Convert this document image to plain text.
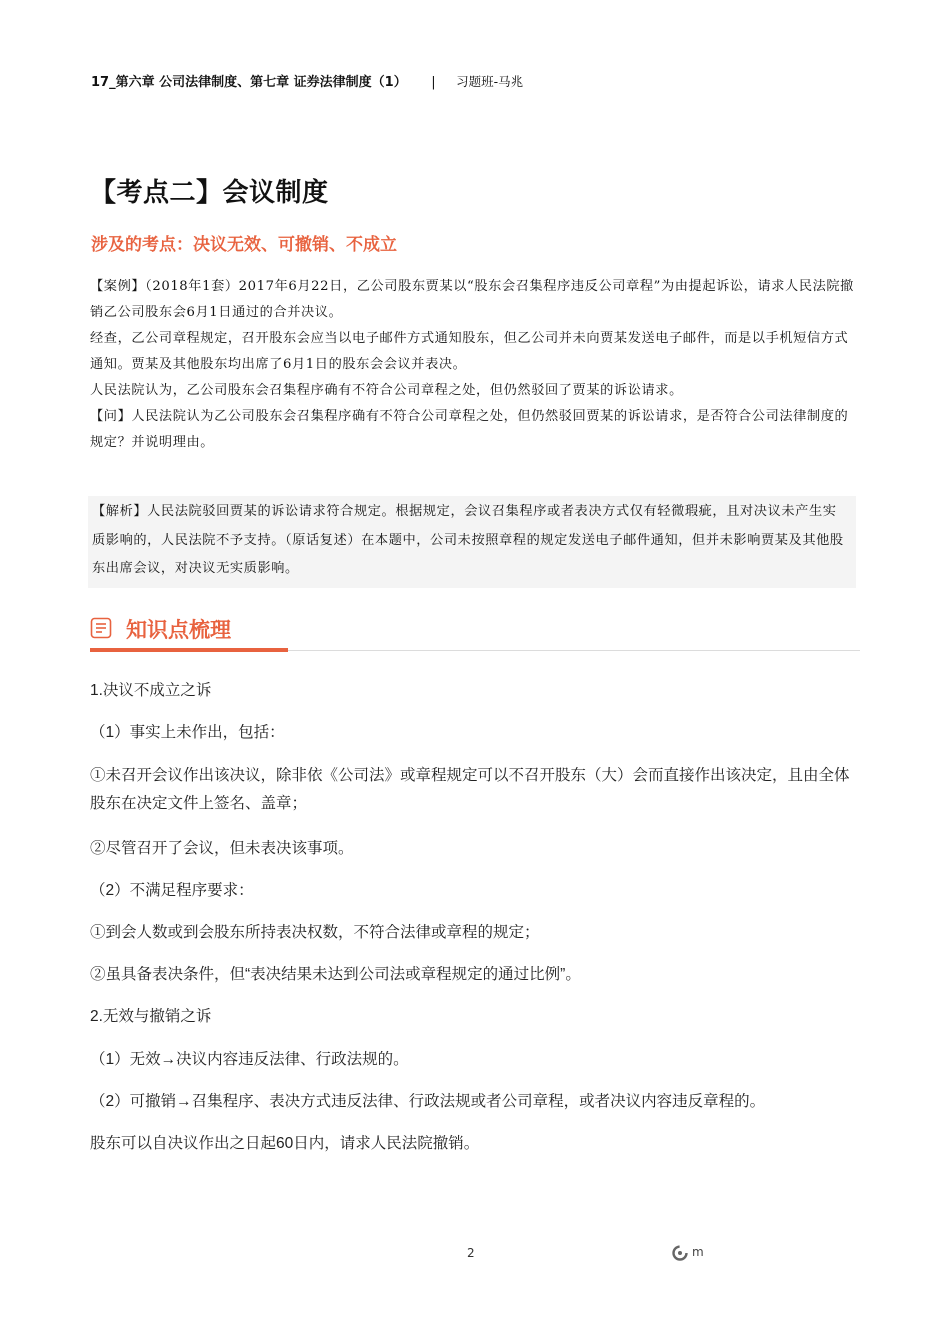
17_第六章 公司法律制度、第七章 证券法律制度（1） | 习题班-马兆
【考点二】会议制度
涉及的考点：决议无效、可撤销、不成立

【案例】（2018年1套）2017年6月22日，乙公司股东贾某以“股东会召集程序违反公司章程”为由提起诉讼，请求人民法院撤销乙公司股东会6月1日通过的合并决议。

经查，乙公司章程规定，召开股东会应当以电子邮件方式通知股东，但乙公司并未向贾某发送电子邮件，而是以手机短信方式通知。贾某及其他股东均出席了6月1日的股东会会议并表决。

人民法院认为，乙公司股东会召集程序确有不符合公司章程之处，但仍然驳回了贾某的诉讼请求。

【问】人民法院认为乙公司股东会召集程序确有不符合公司章程之处，但仍然驳回贾某的诉讼请求，是否符合公司法律制度的规定？并说明理由。

【解析】人民法院驳回贾某的诉讼请求符合规定。根据规定，会议召集程序或者表决方式仅有轻微瑕疵，且对决议未产生实质影响的，人民法院不予支持。（原话复述）在本题中，公司未按照章程的规定发送电子邮件通知，但并未影响贾某及其他股东出席会议，对决议无实质影响。
知识点梳理
1.决议不成立之诉
（1）事实上未作出，包括：
①未召开会议作出该决议，除非依《公司法》或章程规定可以不召开股东（大）会而直接作出该决定，且由全体股东在决定文件上签名、盖章；
②尽管召开了会议，但未表决该事项。
（2）不满足程序要求：
①到会人数或到会股东所持表决权数，不符合法律或章程的规定；
②虽具备表决条件，但“表决结果未达到公司法或章程规定的通过比例”。
2.无效与撤销之诉
（1）无效→决议内容违反法律、行政法规的。
（2）可撤销→召集程序、表决方式违反法律、行政法规或者公司章程，或者决议内容违反章程的。
股东可以自决议作出之日起60日内，请求人民法院撤销。
2	m
